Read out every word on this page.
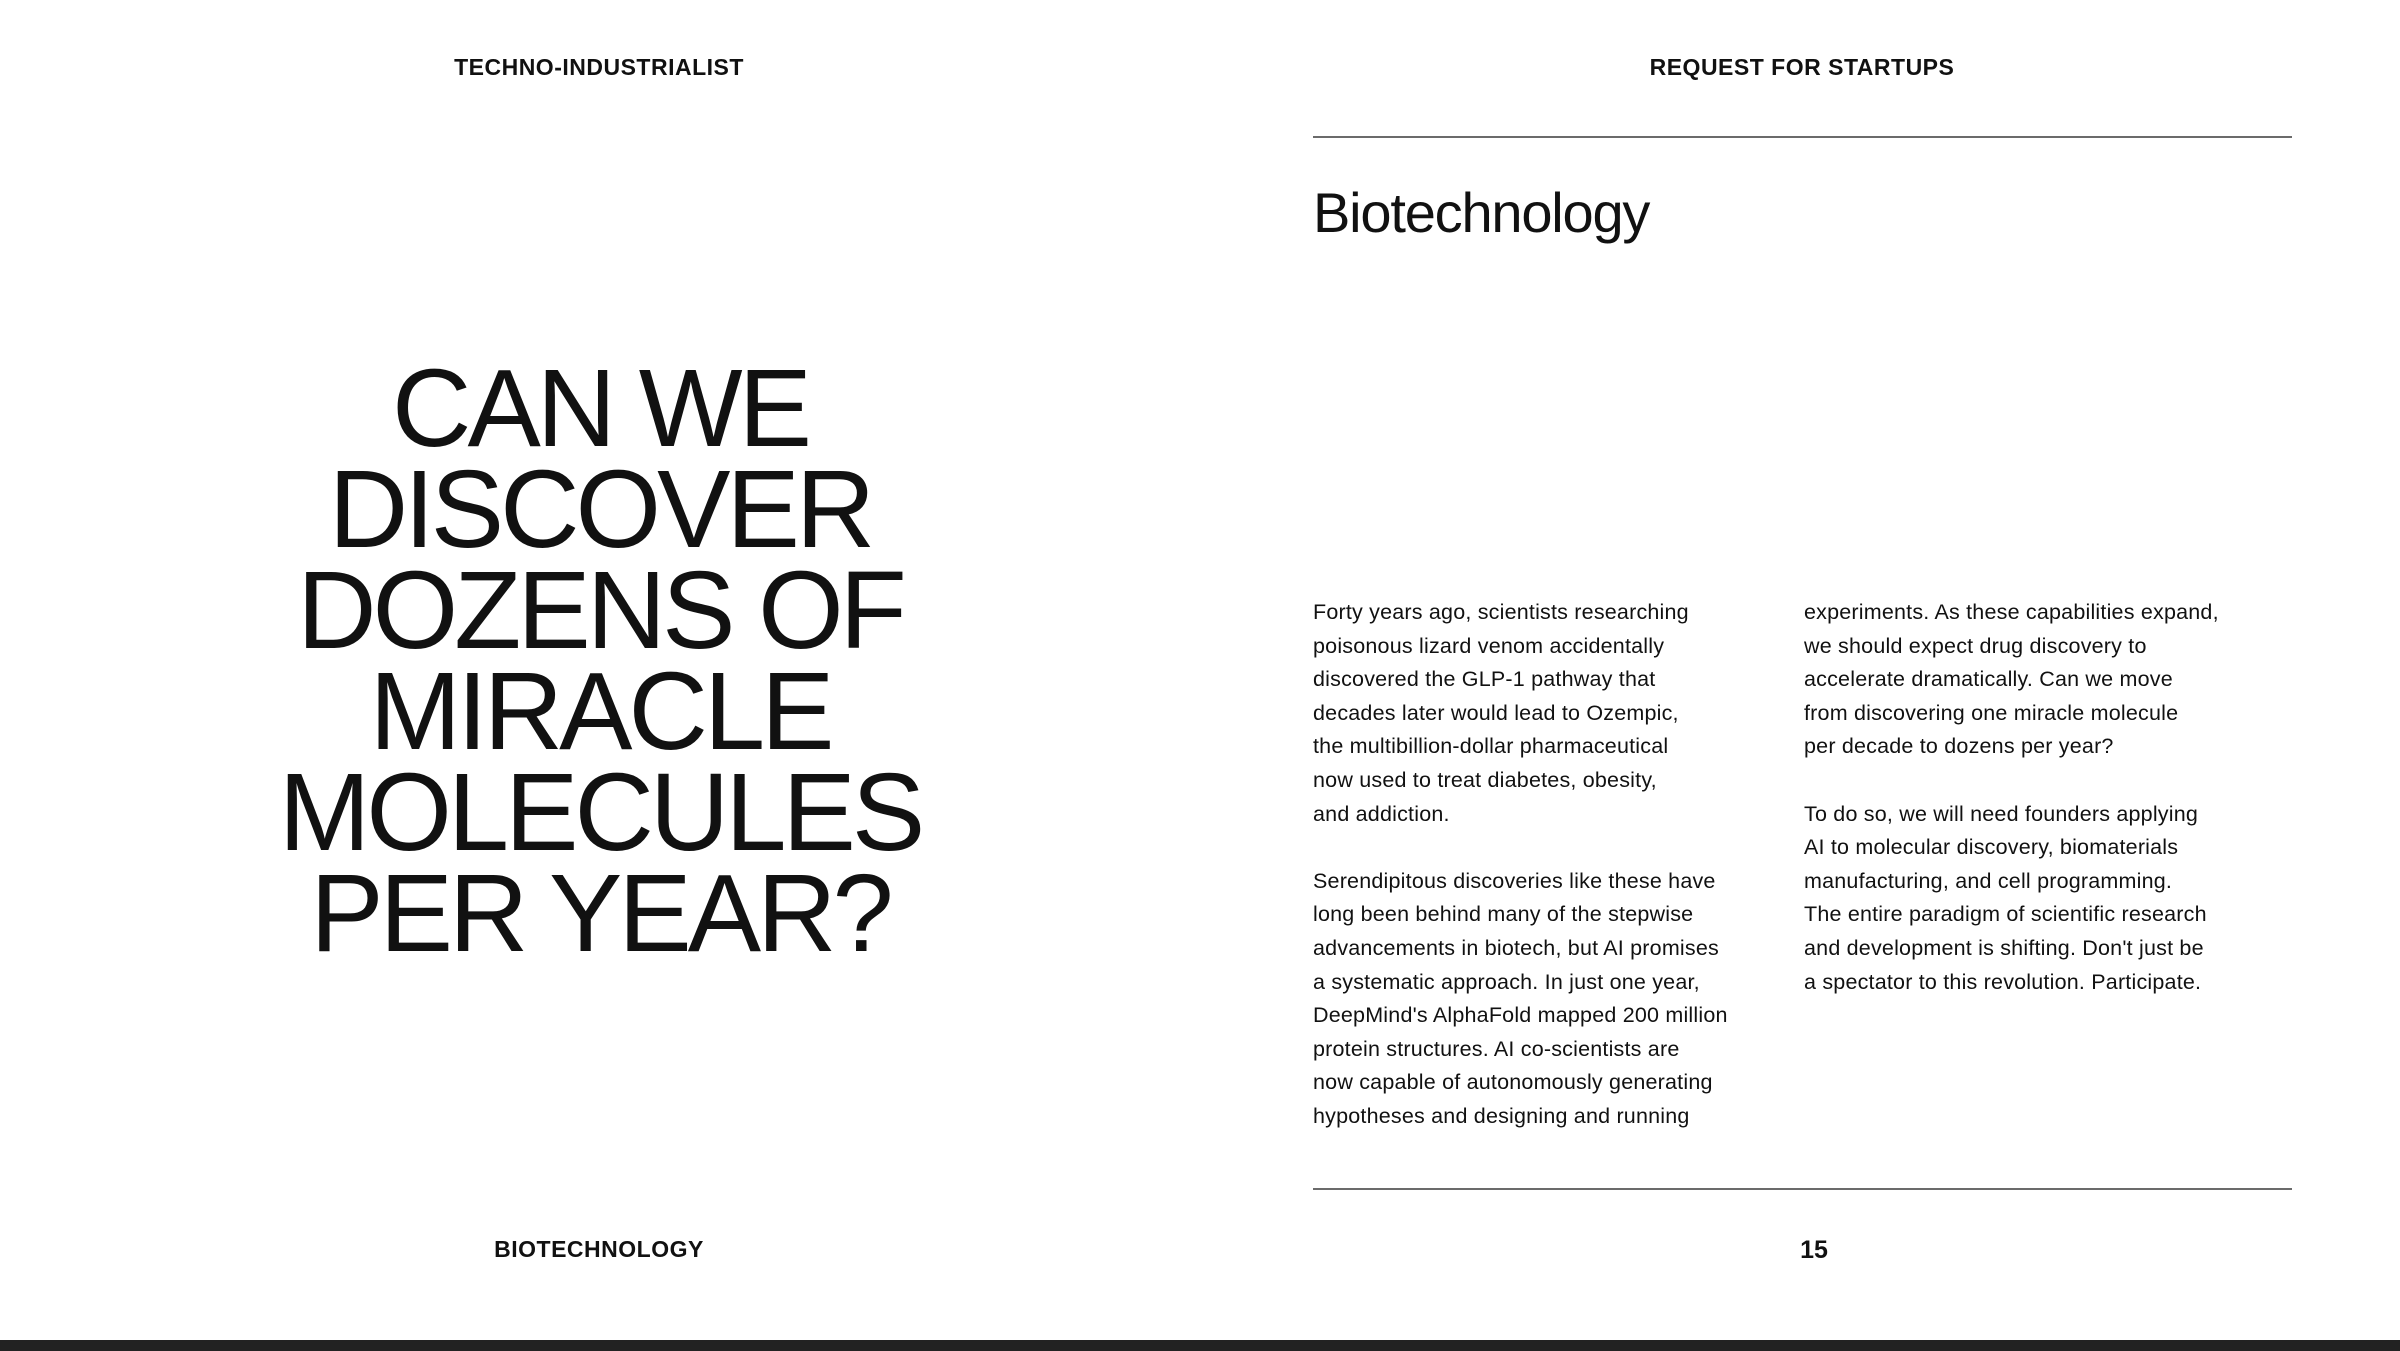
TECHNO-INDUSTRIALIST	REQUEST FOR STARTUPS
Biotechnology
CAN WE
DISCOVER
DOZENS OF
MIRACLE
MOLECULES
PER YEAR?
Forty years ago, scientists researching
poisonous lizard venom accidentally
discovered the GLP-1 pathway that
decades later would lead to Ozempic,
the multibillion-dollar pharmaceutical
now used to treat diabetes, obesity,
and addiction.
Serendipitous discoveries like these have
long been behind many of the stepwise
advancements in biotech, but AI promises
a systematic approach. In just one year,
DeepMind's AlphaFold mapped 200 million
protein structures. AI co-scientists are
now capable of autonomously generating
hypotheses and designing and running
experiments. As these capabilities expand,
we should expect drug discovery to
accelerate dramatically. Can we move
from discovering one miracle molecule
per decade to dozens per year?
To do so, we will need founders applying
AI to molecular discovery, biomaterials
manufacturing, and cell programming.
The entire paradigm of scientific research
and development is shifting. Don't just be
a spectator to this revolution. Participate.
BIOTECHNOLOGY	15
